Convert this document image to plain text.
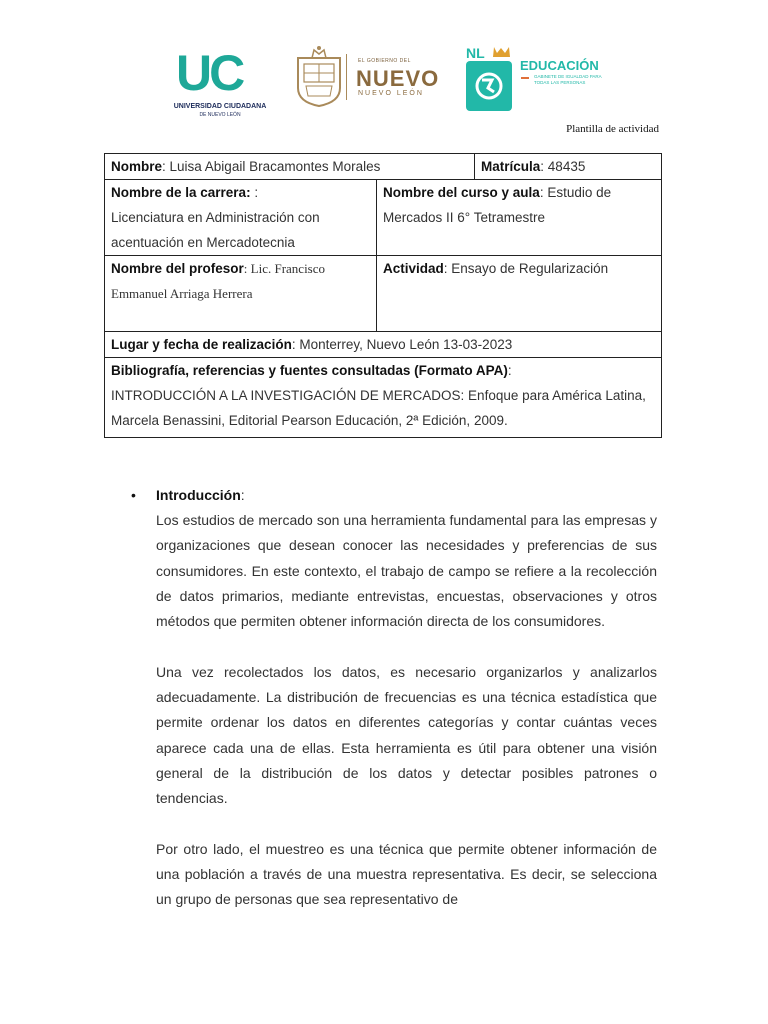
UC
UNIVERSIDAD CIUDADANA
DE NUEVO LEÓN
EL GOBIERNO DEL
NUEVO
NUEVO LEÓN
NL
EDUCACIÓN
GABINETE DE IGUALDAD PARA TODAS LAS PERSONAS
Plantilla de actividad
Nombre: Luisa Abigail Bracamontes Morales		Matrícula: 48435
Nombre de la carrera: :
Licenciatura en Administración con acentuación en Mercadotecnia	Nombre del curso y aula: Estudio de Mercados II 6° Tetramestre	
Nombre del profesor: Lic. Francisco Emmanuel Arriaga Herrera	Actividad: Ensayo de Regularización	
Lugar y fecha de realización: Monterrey, Nuevo León 13-03-2023		
Bibliografía, referencias y fuentes consultadas (Formato APA):
INTRODUCCIÓN A LA INVESTIGACIÓN DE MERCADOS: Enfoque para América Latina, Marcela Benassini, Editorial Pearson Educación, 2ª Edición, 2009.		
• Introducción:

Los estudios de mercado son una herramienta fundamental para las empresas y organizaciones que desean conocer las necesidades y preferencias de sus consumidores. En este contexto, el trabajo de campo se refiere a la recolección de datos primarios, mediante entrevistas, encuestas, observaciones y otros métodos que permiten obtener información directa de los consumidores.

Una vez recolectados los datos, es necesario organizarlos y analizarlos adecuadamente. La distribución de frecuencias es una técnica estadística que permite ordenar los datos en diferentes categorías y contar cuántas veces aparece cada una de ellas. Esta herramienta es útil para obtener una visión general de la distribución de los datos y detectar posibles patrones o tendencias.

Por otro lado, el muestreo es una técnica que permite obtener información de una población a través de una muestra representativa. Es decir, se selecciona un grupo de personas que sea representativo de
